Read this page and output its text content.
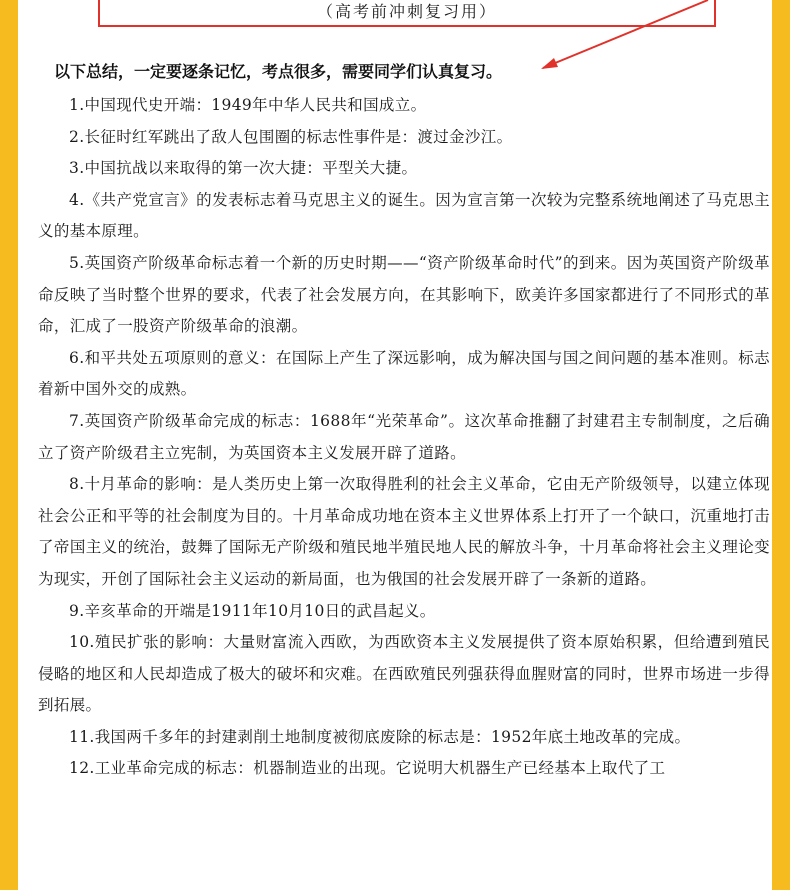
（高考前冲刺复习用）
以下总结，一定要逐条记忆，考点很多，需要同学们认真复习。

1.中国现代史开端：1949年中华人民共和国成立。

2.长征时红军跳出了敌人包围圈的标志性事件是：渡过金沙江。

3.中国抗战以来取得的第一次大捷：平型关大捷。

4.《共产党宣言》的发表标志着马克思主义的诞生。因为宣言第一次较为完整系统地阐述了马克思主义的基本原理。

5.英国资产阶级革命标志着一个新的历史时期——“资产阶级革命时代”的到来。因为英国资产阶级革命反映了当时整个世界的要求，代表了社会发展方向，在其影响下，欧美许多国家都进行了不同形式的革命，汇成了一股资产阶级革命的浪潮。

6.和平共处五项原则的意义：在国际上产生了深远影响，成为解决国与国之间问题的基本准则。标志着新中国外交的成熟。

7.英国资产阶级革命完成的标志：1688年“光荣革命”。这次革命推翻了封建君主专制制度，之后确立了资产阶级君主立宪制，为英国资本主义发展开辟了道路。

8.十月革命的影响：是人类历史上第一次取得胜利的社会主义革命，它由无产阶级领导，以建立体现社会公正和平等的社会制度为目的。十月革命成功地在资本主义世界体系上打开了一个缺口，沉重地打击了帝国主义的统治，鼓舞了国际无产阶级和殖民地半殖民地人民的解放斗争，十月革命将社会主义理论变为现实，开创了国际社会主义运动的新局面，也为俄国的社会发展开辟了一条新的道路。

9.辛亥革命的开端是1911年10月10日的武昌起义。

10.殖民扩张的影响：大量财富流入西欧，为西欧资本主义发展提供了资本原始积累，但给遭到殖民侵略的地区和人民却造成了极大的破坏和灾难。在西欧殖民列强获得血腥财富的同时，世界市场进一步得到拓展。

11.我国两千多年的封建剥削土地制度被彻底废除的标志是：1952年底土地改革的完成。

12.工业革命完成的标志：机器制造业的出现。它说明大机器生产已经基本上取代了工
